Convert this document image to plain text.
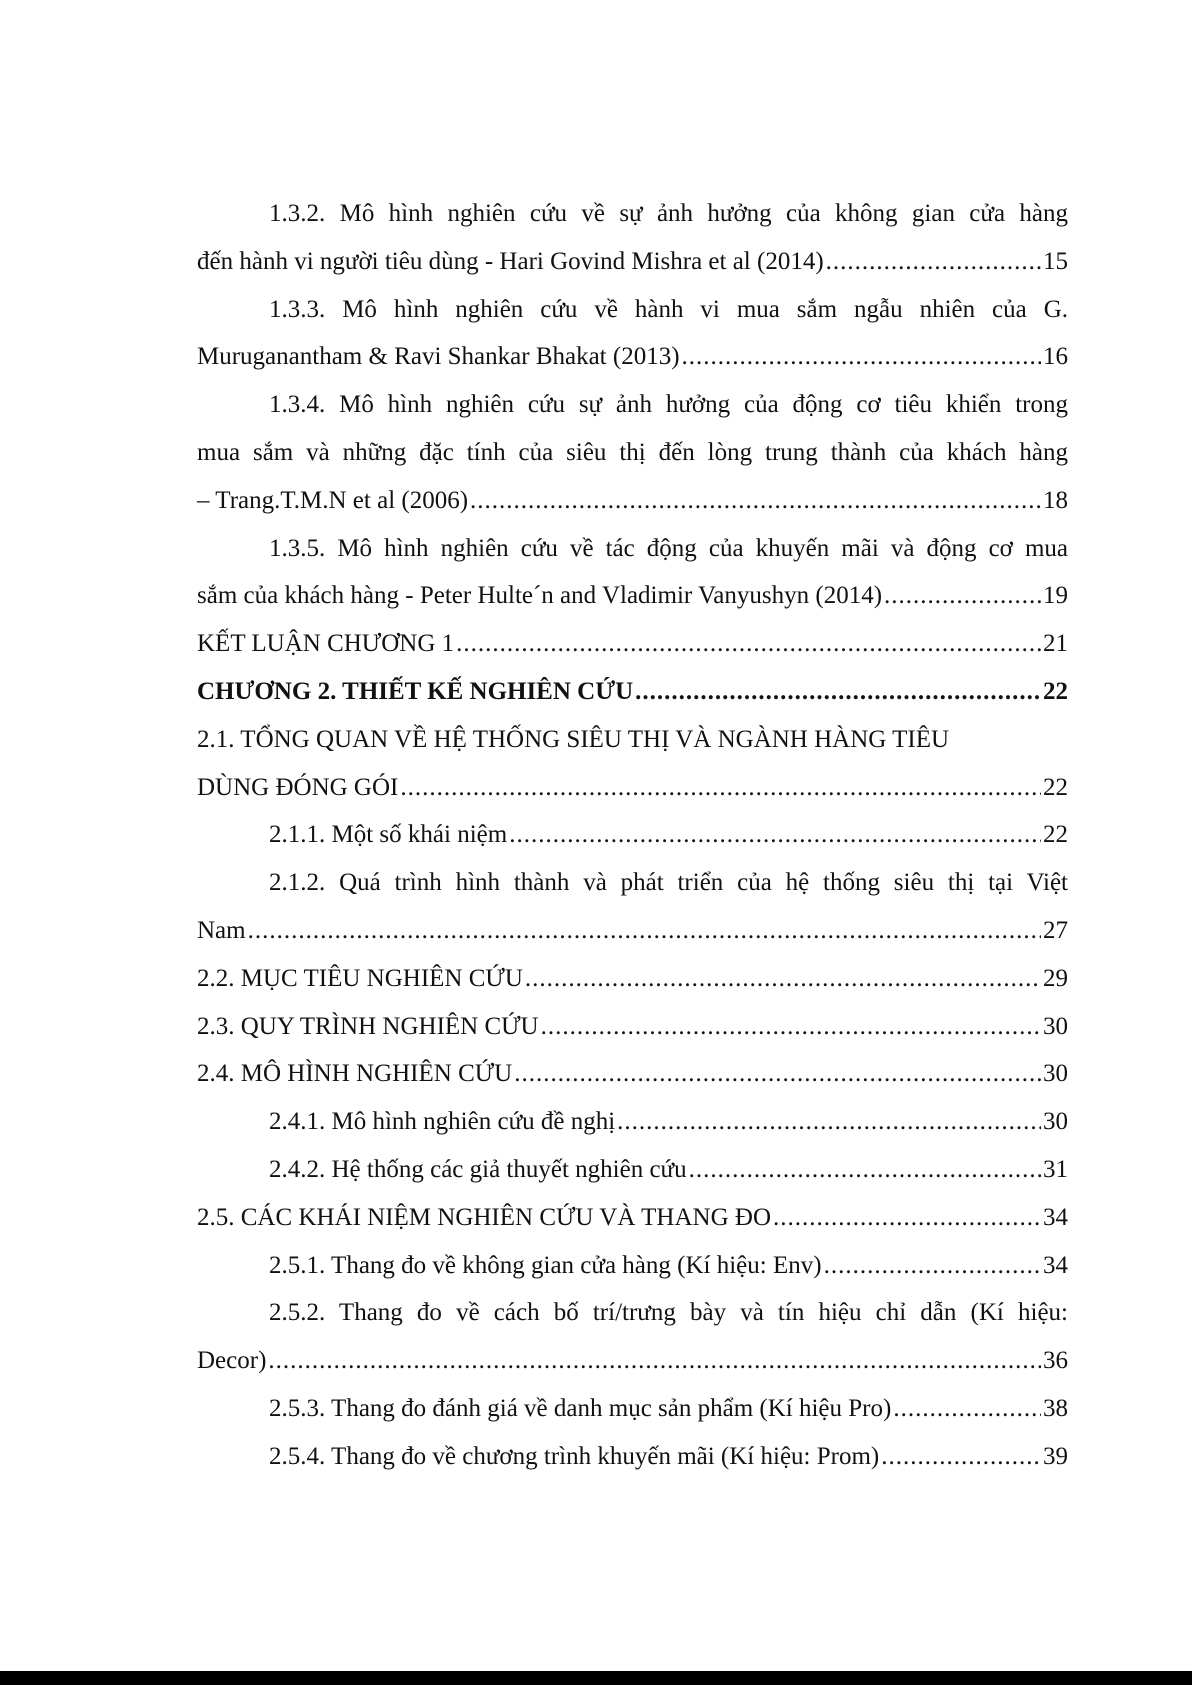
1.3.2. Mô hình nghiên cứu về sự ảnh hưởng của không gian cửa hàng
đến hành vi người tiêu dùng - Hari Govind Mishra et al (2014) .....	15
1.3.3. Mô hình nghiên cứu về hành vi mua sắm ngẫu nhiên của G.
Muruganantham & Ravi Shankar Bhakat (2013) .....	16
1.3.4. Mô hình nghiên cứu sự ảnh hưởng của động cơ tiêu khiển trong
mua sắm và những đặc tính của siêu thị đến lòng trung thành của khách hàng
– Trang.T.M.N et al (2006) .....	18
1.3.5. Mô hình nghiên cứu về tác động của khuyến mãi và động cơ mua
sắm của khách hàng - Peter Hulte´n and Vladimir Vanyushyn (2014) .....	19
KẾT LUẬN CHƯƠNG 1 .....	21
CHƯƠNG 2. THIẾT KẾ NGHIÊN CỨU .....	22
2.1. TỔNG QUAN VỀ HỆ THỐNG SIÊU THỊ VÀ NGÀNH HÀNG TIÊU
DÙNG ĐÓNG GÓI .....	22
2.1.1. Một số khái niệm .....	22
2.1.2. Quá trình hình thành và phát triển của hệ thống siêu thị tại Việt
Nam .....	27
2.2. MỤC TIÊU NGHIÊN CỨU .....	29
2.3. QUY TRÌNH NGHIÊN CỨU .....	30
2.4. MÔ HÌNH NGHIÊN CỨU .....	30
2.4.1. Mô hình nghiên cứu đề nghị .....	30
2.4.2. Hệ thống các giả thuyết nghiên cứu .....	31
2.5. CÁC KHÁI NIỆM NGHIÊN CỨU VÀ THANG ĐO .....	34
2.5.1. Thang đo về không gian cửa hàng (Kí hiệu: Env) .....	34
2.5.2. Thang đo về cách bố trí/trưng bày và tín hiệu chỉ dẫn (Kí hiệu:
Decor) .....	36
2.5.3. Thang đo đánh giá về danh mục sản phẩm (Kí hiệu Pro) .....	38
2.5.4. Thang đo về chương trình khuyến mãi (Kí hiệu: Prom) .....	39
